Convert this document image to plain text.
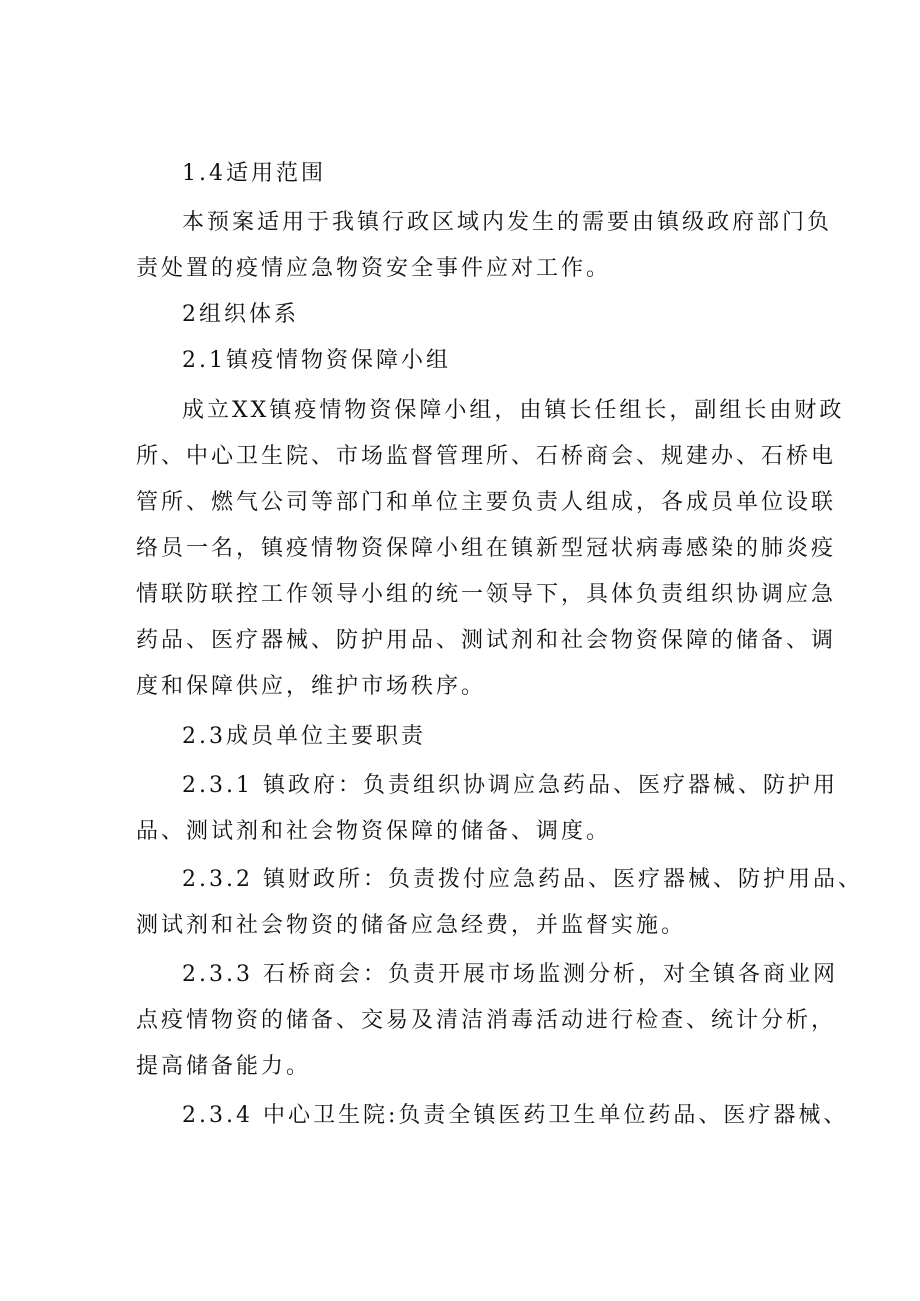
1.4适用范围
本预案适用于我镇行政区域内发生的需要由镇级政府部门负
责处置的疫情应急物资安全事件应对工作。
2组织体系
2.1镇疫情物资保障小组
成立XX镇疫情物资保障小组，由镇长任组长，副组长由财政
所、中心卫生院、市场监督管理所、石桥商会、规建办、石桥电
管所、燃气公司等部门和单位主要负责人组成，各成员单位设联
络员一名，镇疫情物资保障小组在镇新型冠状病毒感染的肺炎疫
情联防联控工作领导小组的统一领导下，具体负责组织协调应急
药品、医疗器械、防护用品、测试剂和社会物资保障的储备、调
度和保障供应，维护市场秩序。
2.3成员单位主要职责
2.3.1 镇政府：负责组织协调应急药品、医疗器械、防护用
品、测试剂和社会物资保障的储备、调度。
2.3.2 镇财政所：负责拨付应急药品、医疗器械、防护用品、
测试剂和社会物资的储备应急经费，并监督实施。
2.3.3 石桥商会：负责开展市场监测分析，对全镇各商业网
点疫情物资的储备、交易及清洁消毒活动进行检查、统计分析，
提高储备能力。
2.3.4 中心卫生院:负责全镇医药卫生单位药品、医疗器械、
